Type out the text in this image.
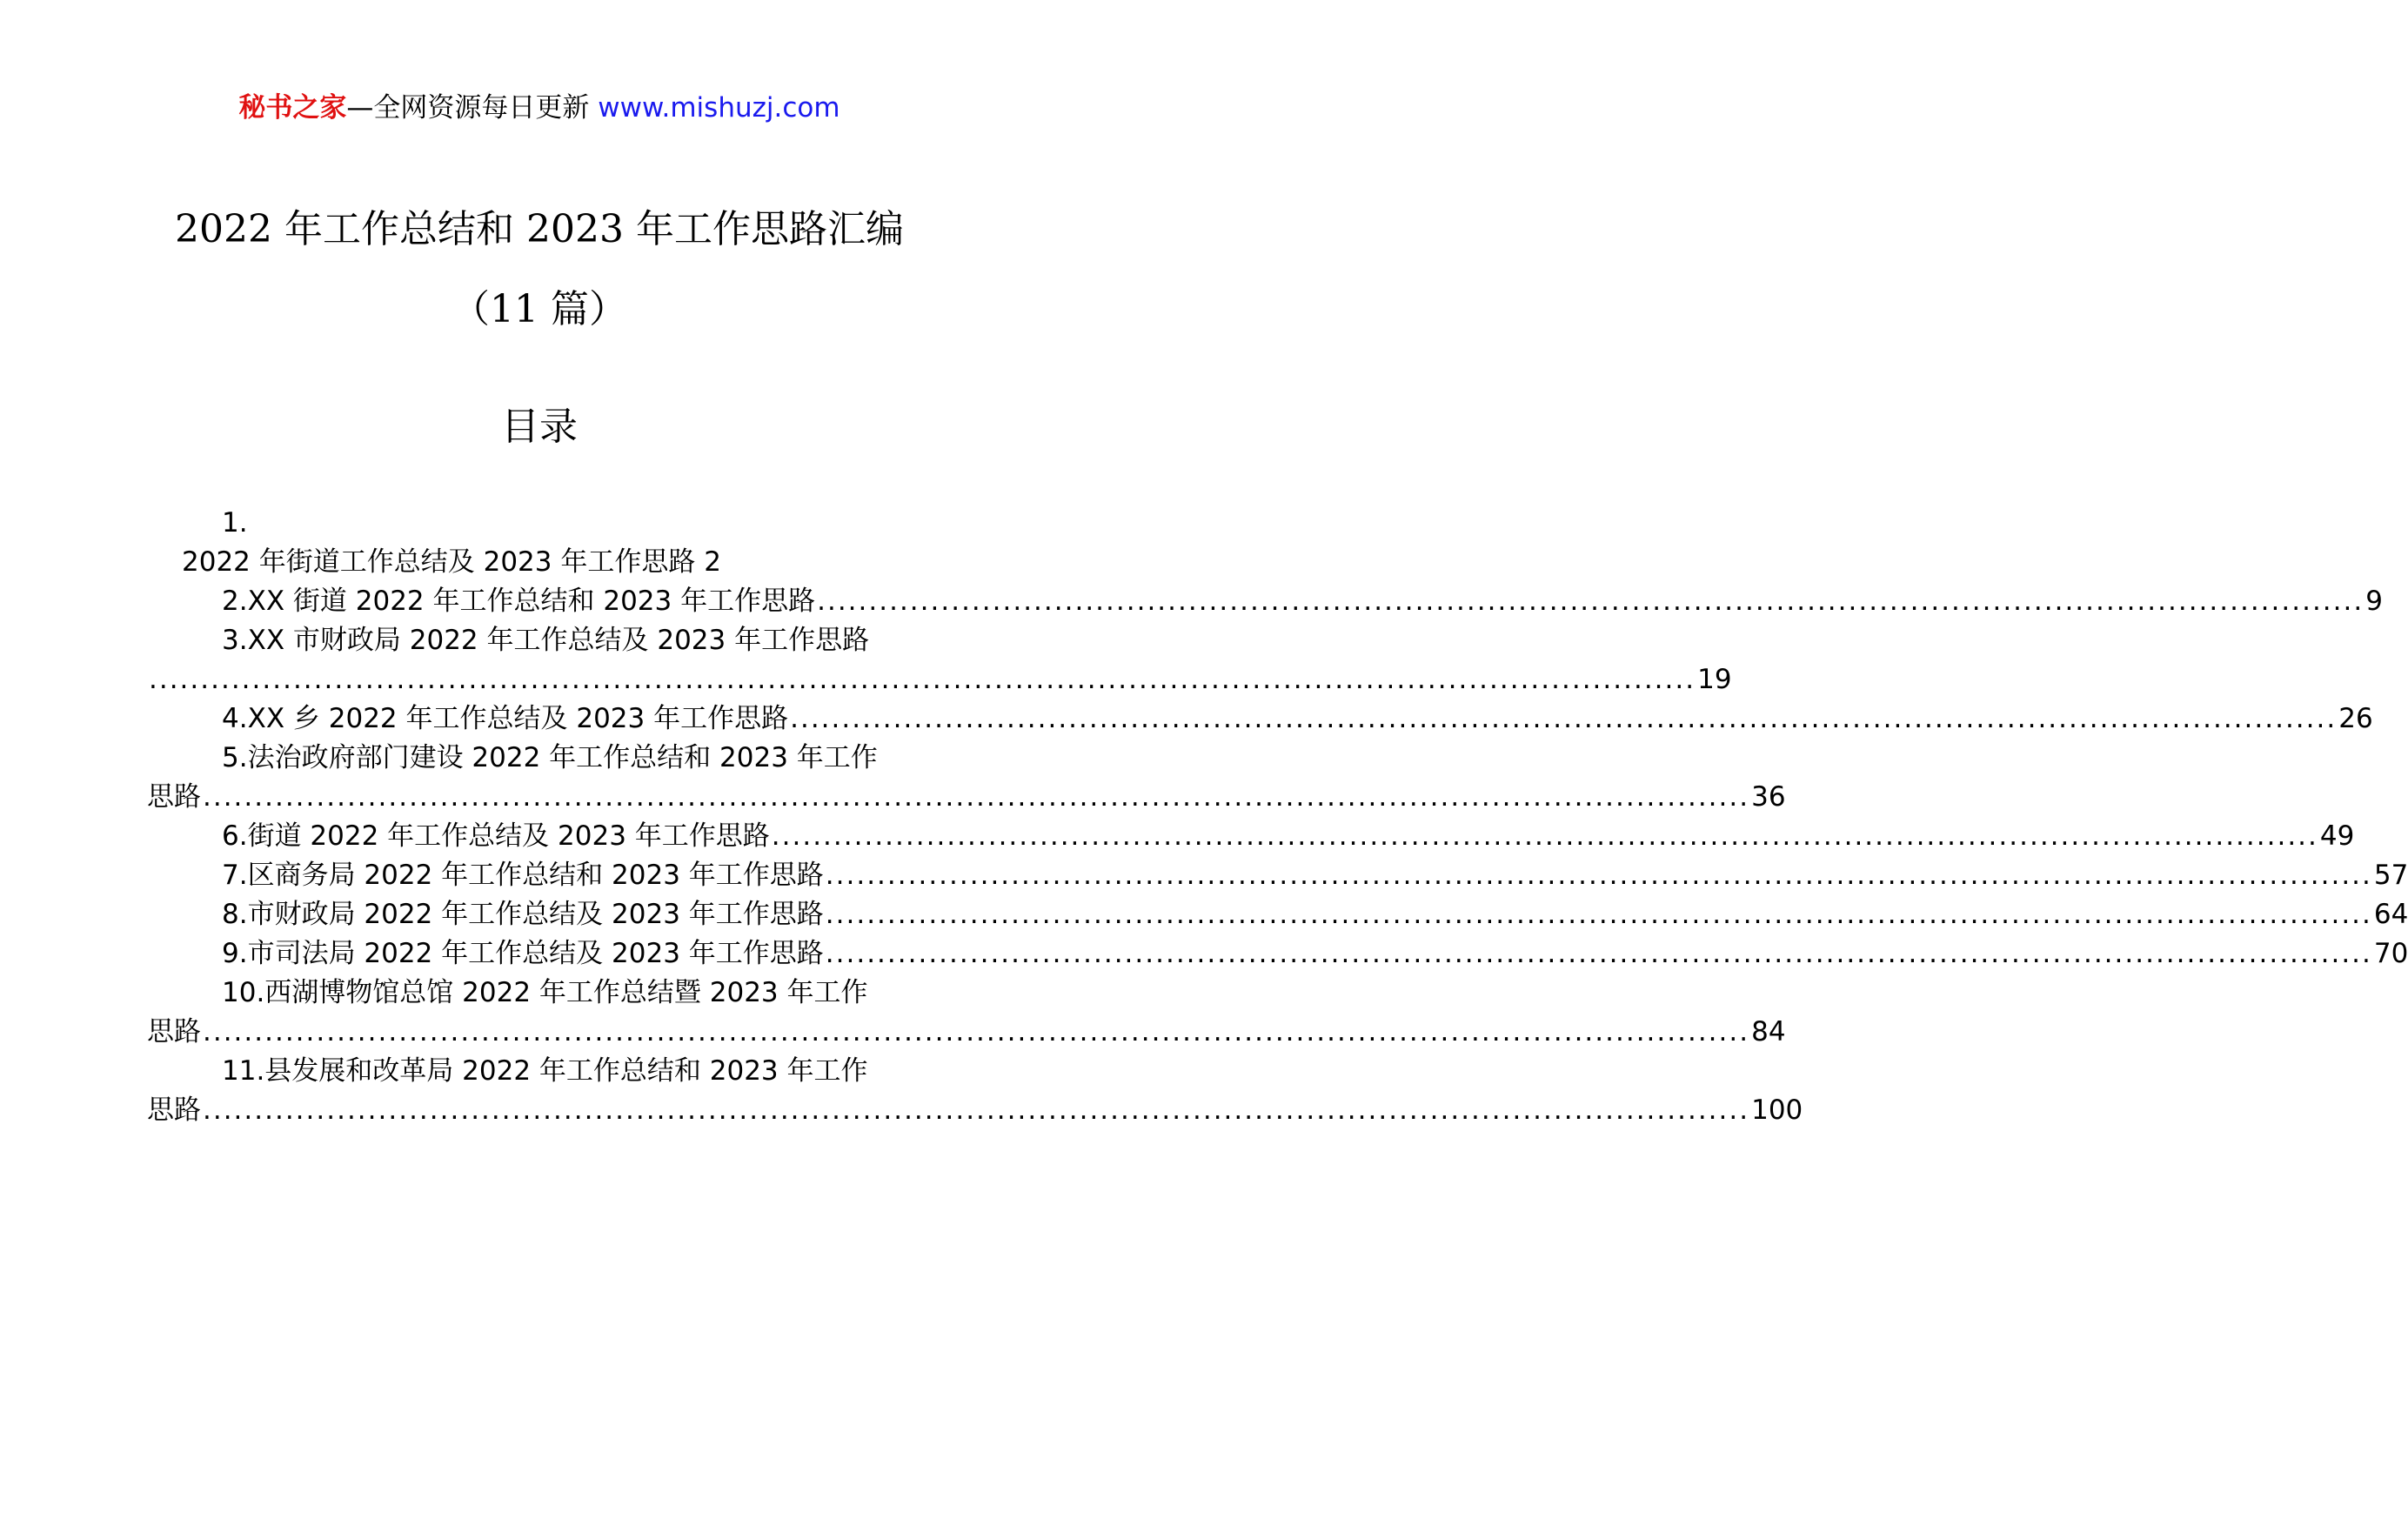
秘书之家—全网资源每日更新 www.mishuzj.com
2022 年工作总结和 2023 年工作思路汇编
（11 篇）
目录
1.
2022 年街道工作总结及 2023 年工作思路 2
2.XX 街道 2022 年工作总结和 2023 年工作思路 ...................................................................................................................................................... 9
3.XX 市财政局 2022 年工作总结及 2023 年工作思路
...................................................................................................................................................... 19
4.XX 乡 2022 年工作总结及 2023 年工作思路 ...................................................................................................................................................... 26
5.法治政府部门建设 2022 年工作总结和 2023 年工作
思路 ...................................................................................................................................................... 36
6.街道 2022 年工作总结及 2023 年工作思路 ...................................................................................................................................................... 49
7.区商务局 2022 年工作总结和 2023 年工作思路 ...................................................................................................................................................... 57
8.市财政局 2022 年工作总结及 2023 年工作思路 ...................................................................................................................................................... 64
9.市司法局 2022 年工作总结及 2023 年工作思路 ...................................................................................................................................................... 70
10.西湖博物馆总馆 2022 年工作总结暨 2023 年工作
思路 ...................................................................................................................................................... 84
11.县发展和改革局 2022 年工作总结和 2023 年工作
思路 ...................................................................................................................................................... 100
